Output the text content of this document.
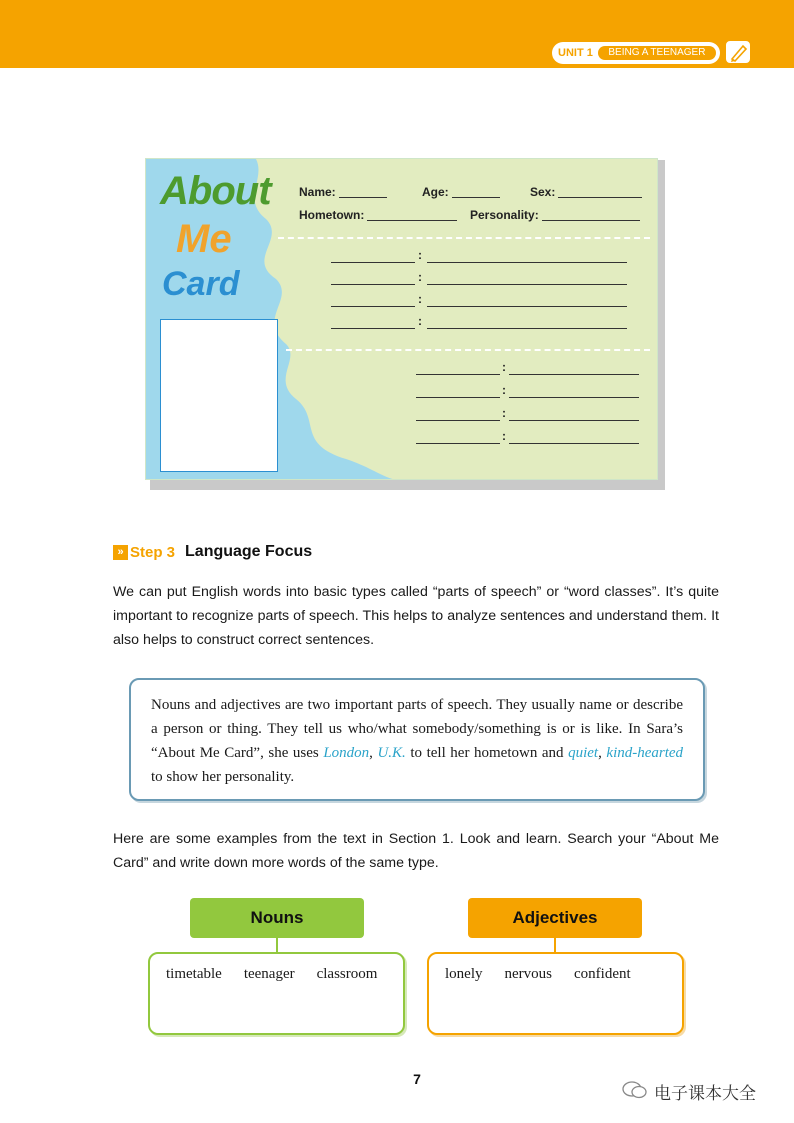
UNIT 1	BEING A TEENAGER
About
Me
Card
Name:	Age:	Sex:
Hometown:	Personality:
:
:
:
:
:
:
:
:
» Step 3 Language Focus

We can put English words into basic types called “parts of speech” or “word classes”. It’s quite important to recognize parts of speech. This helps to analyze sentences and understand them. It also helps to construct correct sentences.

Nouns and adjectives are two important parts of speech. They usually name or describe a person or thing. They tell us who/what somebody/something is or is like. In Sara’s “About Me Card”, she uses London, U.K. to tell her hometown and quiet, kind-hearted to show her personality.

Here are some examples from the text in Section 1. Look and learn. Search your “About Me Card” and write down more words of the same type.

Nouns
timetable teenager classroom
Adjectives
lonely nervous confident
7
电子课本大全
